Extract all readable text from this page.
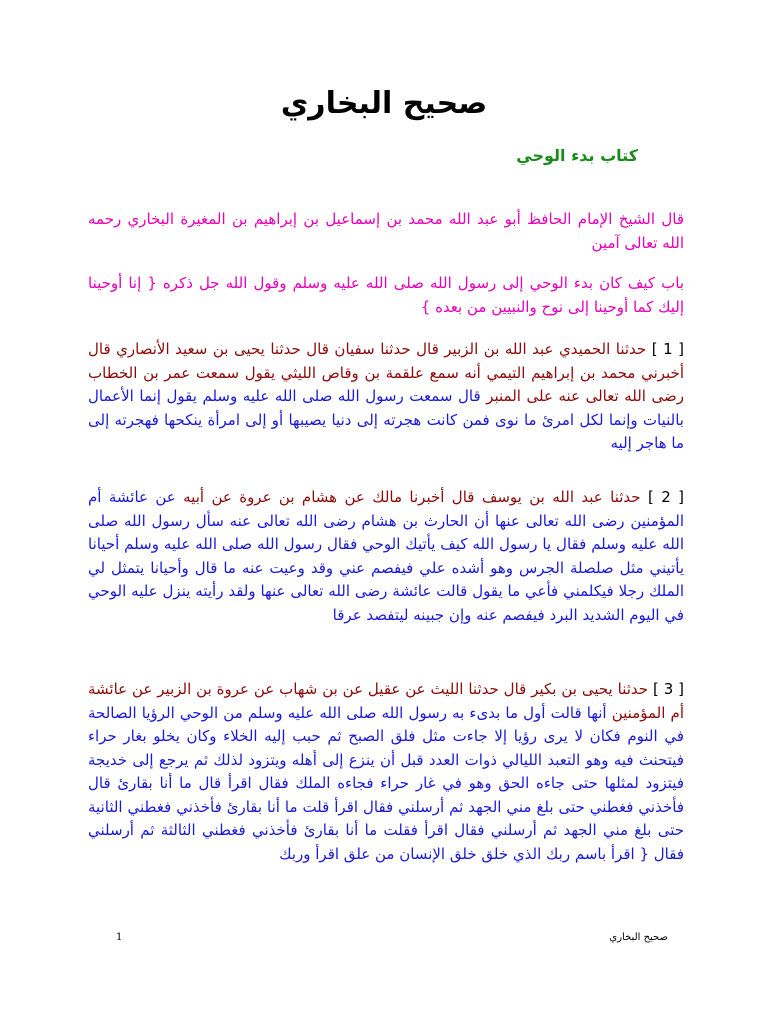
صحيح البخاري
كتاب بدء الوحي

قال الشيخ الإمام الحافظ أبو عبد الله محمد بن إسماعيل بن إبراهيم بن المغيرة البخاري رحمه الله تعالى آمين

باب كيف كان بدء الوحي إلى رسول الله صلى الله عليه وسلم وقول الله جل ذكره { إنا أوحينا إليك كما أوحينا إلى نوح والنبيين من بعده }

[ 1 ] حدثنا الحميدي عبد الله بن الزبير قال حدثنا سفيان قال حدثنا يحيى بن سعيد الأنصاري قال أخبرني محمد بن إبراهيم التيمي أنه سمع علقمة بن وقاص الليثي يقول سمعت عمر بن الخطاب رضى الله تعالى عنه على المنبر قال سمعت رسول الله صلى الله عليه وسلم يقول إنما الأعمال بالنيات وإنما لكل امرئ ما نوى فمن كانت هجرته إلى دنيا يصيبها أو إلى امرأة ينكحها فهجرته إلى ما هاجر إليه

[ 2 ] حدثنا عبد الله بن يوسف قال أخبرنا مالك عن هشام بن عروة عن أبيه عن عائشة أم المؤمنين رضى الله تعالى عنها أن الحارث بن هشام رضى الله تعالى عنه سأل رسول الله صلى الله عليه وسلم فقال يا رسول الله كيف يأتيك الوحي فقال رسول الله صلى الله عليه وسلم أحيانا يأتيني مثل صلصلة الجرس وهو أشده علي فيفصم عني وقد وعيت عنه ما قال وأحيانا يتمثل لي الملك رجلا فيكلمني فأعي ما يقول قالت عائشة رضى الله تعالى عنها ولقد رأيته ينزل عليه الوحي في اليوم الشديد البرد فيفصم عنه وإن جبينه ليتفصد عرقا

[ 3 ] حدثنا يحيى بن بكير قال حدثنا الليث عن عقيل عن بن شهاب عن عروة بن الزبير عن عائشة أم المؤمنين أنها قالت أول ما بدىء به رسول الله صلى الله عليه وسلم من الوحي الرؤيا الصالحة في النوم فكان لا يرى رؤيا إلا جاءت مثل فلق الصبح ثم حبب إليه الخلاء وكان يخلو بغار حراء فيتحنث فيه وهو التعبد الليالي ذوات العدد قبل أن ينزع إلى أهله ويتزود لذلك ثم يرجع إلى خديجة فيتزود لمثلها حتى جاءه الحق وهو في غار حراء فجاءه الملك فقال اقرأ قال ما أنا بقارئ قال فأخذني فغطني حتى بلغ مني الجهد ثم أرسلني فقال اقرأ قلت ما أنا بقارئ فأخذني فغطني الثانية حتى بلغ مني الجهد ثم أرسلني فقال اقرأ فقلت ما أنا بقارئ فأخذني فغطني الثالثة ثم أرسلني فقال { اقرأ باسم ربك الذي خلق خلق الإنسان من علق اقرأ وربك

1	صحيح البخاري
